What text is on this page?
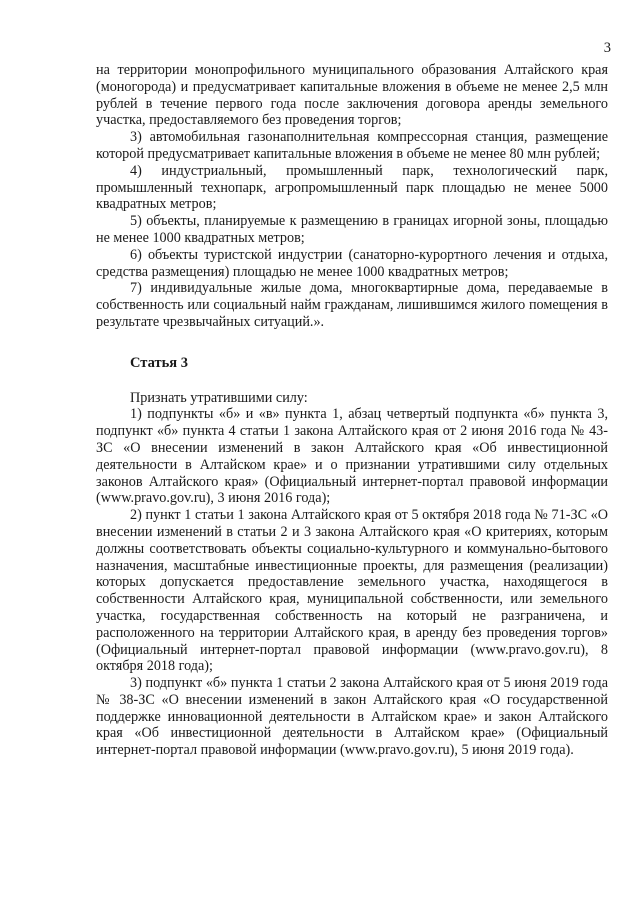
3

на территории монопрофильного муниципального образования Алтайского края (моногорода) и предусматривает капитальные вложения в объеме не менее 2,5 млн рублей в течение первого года после заключения договора аренды земельного участка, предоставляемого без проведения торгов;

3) автомобильная газонаполнительная компрессорная станция, размещение которой предусматривает капитальные вложения в объеме не менее 80 млн рублей;

4) индустриальный, промышленный парк, технологический парк, промышленный технопарк, агропромышленный парк площадью не менее 5000 квадратных метров;

5) объекты, планируемые к размещению в границах игорной зоны, площадью не менее 1000 квадратных метров;

6) объекты туристской индустрии (санаторно-курортного лечения и отдыха, средства размещения) площадью не менее 1000 квадратных метров;

7) индивидуальные жилые дома, многоквартирные дома, передаваемые в собственность или социальный найм гражданам, лишившимся жилого помещения в результате чрезвычайных ситуаций.».

Статья 3

Признать утратившими силу:

1) подпункты «б» и «в» пункта 1, абзац четвертый подпункта «б» пункта 3, подпункт «б» пункта 4 статьи 1 закона Алтайского края от 2 июня 2016 года № 43-ЗС «О внесении изменений в закон Алтайского края «Об инвестиционной деятельности в Алтайском крае» и о признании утратившими силу отдельных законов Алтайского края» (Официальный интернет-портал правовой информации (www.pravo.gov.ru), 3 июня 2016 года);

2) пункт 1 статьи 1 закона Алтайского края от 5 октября 2018 года № 71-ЗС «О внесении изменений в статьи 2 и 3 закона Алтайского края «О критериях, которым должны соответствовать объекты социально-культурного и коммунально-бытового назначения, масштабные инвестиционные проекты, для размещения (реализации) которых допускается предоставление земельного участка, находящегося в собственности Алтайского края, муниципальной собственности, или земельного участка, государственная собственность на который не разграничена, и расположенного на территории Алтайского края, в аренду без проведения торгов» (Официальный интернет-портал правовой информации (www.pravo.gov.ru), 8 октября 2018 года);

3) подпункт «б» пункта 1 статьи 2 закона Алтайского края от 5 июня 2019 года № 38-ЗС «О внесении изменений в закон Алтайского края «О государственной поддержке инновационной деятельности в Алтайском крае» и закон Алтайского края «Об инвестиционной деятельности в Алтайском крае» (Официальный интернет-портал правовой информации (www.pravo.gov.ru), 5 июня 2019 года).
